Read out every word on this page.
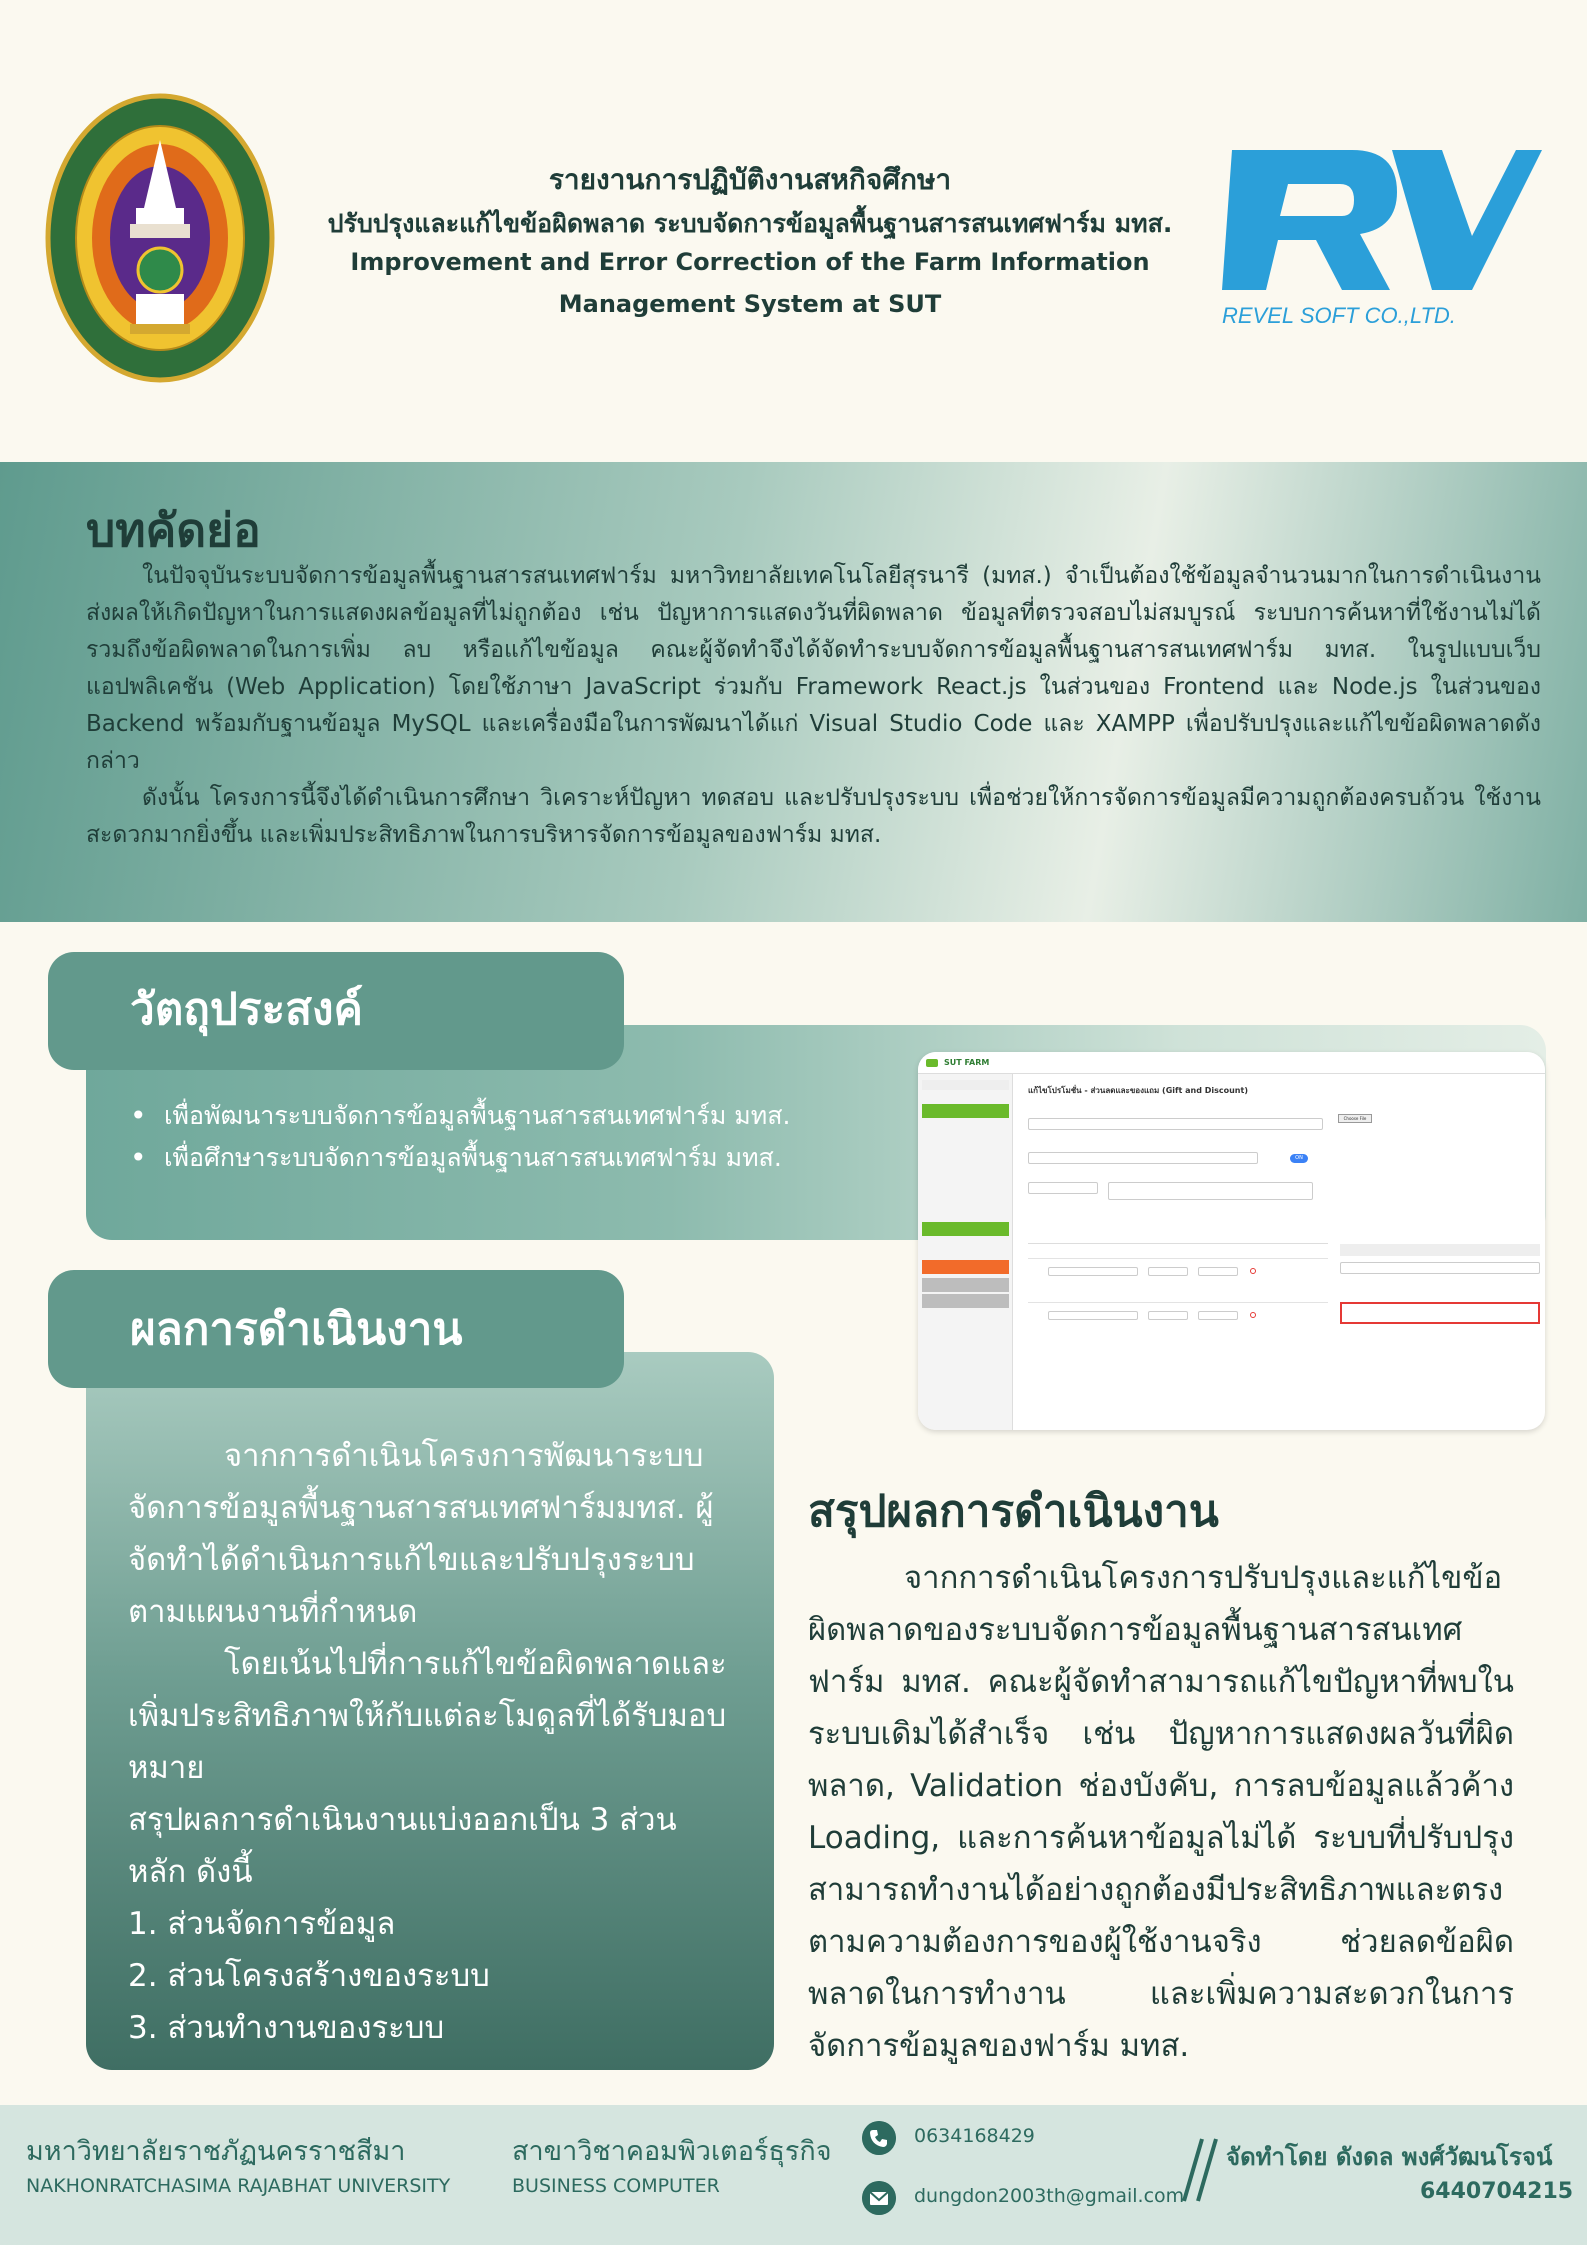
REVEL SOFT CO.,LTD.
รายงานการปฏิบัติงานสหกิจศึกษา
ปรับปรุงและแก้ไขข้อผิดพลาด ระบบจัดการข้อมูลพื้นฐานสารสนเทศฟาร์ม มทส.
Improvement and Error Correction of the Farm Information
Management System at SUT
บทคัดย่อ

ในปัจจุบันระบบจัดการข้อมูลพื้นฐานสารสนเทศฟาร์ม มหาวิทยาลัยเทคโนโลยีสุรนารี (มทส.) จำเป็นต้องใช้ข้อมูลจำนวนมากในการดำเนินงาน ส่งผลให้เกิดปัญหาในการแสดงผลข้อมูลที่ไม่ถูกต้อง เช่น ปัญหาการแสดงวันที่ผิดพลาด ข้อมูลที่ตรวจสอบไม่สมบูรณ์ ระบบการค้นหาที่ใช้งานไม่ได้ รวมถึงข้อผิดพลาดในการเพิ่ม ลบ หรือแก้ไขข้อมูล คณะผู้จัดทำจึงได้จัดทำระบบจัดการข้อมูลพื้นฐานสารสนเทศฟาร์ม มทส. ในรูปแบบเว็บแอปพลิเคชัน (Web Application) โดยใช้ภาษา JavaScript ร่วมกับ Framework React.js ในส่วนของ Frontend และ Node.js ในส่วนของ Backend พร้อมกับฐานข้อมูล MySQL และเครื่องมือในการพัฒนาได้แก่ Visual Studio Code และ XAMPP เพื่อปรับปรุงและแก้ไขข้อผิดพลาดดังกล่าว

ดังนั้น โครงการนี้จึงได้ดำเนินการศึกษา วิเคราะห์ปัญหา ทดสอบ และปรับปรุงระบบ เพื่อช่วยให้การจัดการข้อมูลมีความถูกต้องครบถ้วน ใช้งานสะดวกมากยิ่งขึ้น และเพิ่มประสิทธิภาพในการบริหารจัดการข้อมูลของฟาร์ม มทส.

วัตถุประสงค์
• เพื่อพัฒนาระบบจัดการข้อมูลพื้นฐานสารสนเทศฟาร์ม มทส.
• เพื่อศึกษาระบบจัดการข้อมูลพื้นฐานสารสนเทศฟาร์ม มทส.
SUT FARM
แก้ไขโปรโมชั่น - ส่วนลดและของแถม (Gift and Discount)
ON
Choose File
ผลการดำเนินงาน

จากการดำเนินโครงการพัฒนาระบบจัดการข้อมูลพื้นฐานสารสนเทศฟาร์มมทส. ผู้จัดทำได้ดำเนินการแก้ไขและปรับปรุงระบบตามแผนงานที่กำหนด

โดยเน้นไปที่การแก้ไขข้อผิดพลาดและเพิ่มประสิทธิภาพให้กับแต่ละโมดูลที่ได้รับมอบหมาย

สรุปผลการดำเนินงานแบ่งออกเป็น 3 ส่วนหลัก ดังนี้

1. ส่วนจัดการข้อมูล

2. ส่วนโครงสร้างของระบบ

3. ส่วนทำงานของระบบ

สรุปผลการดำเนินงาน

จากการดำเนินโครงการปรับปรุงและแก้ไขข้อผิดพลาดของระบบจัดการข้อมูลพื้นฐานสารสนเทศฟาร์ม มทส. คณะผู้จัดทำสามารถแก้ไขปัญหาที่พบในระบบเดิมได้สำเร็จ เช่น ปัญหาการแสดงผลวันที่ผิดพลาด, Validation ช่องบังคับ, การลบข้อมูลแล้วค้าง Loading, และการค้นหาข้อมูลไม่ได้ ระบบที่ปรับปรุงสามารถทำงานได้อย่างถูกต้องมีประสิทธิภาพและตรงตามความต้องการของผู้ใช้งานจริง ช่วยลดข้อผิดพลาดในการทำงาน และเพิ่มความสะดวกในการจัดการข้อมูลของฟาร์ม มทส.

มหาวิทยาลัยราชภัฏนครราชสีมา
NAKHONRATCHASIMA RAJABHAT UNIVERSITY
สาขาวิชาคอมพิวเตอร์ธุรกิจ
BUSINESS COMPUTER
0634168429
dungdon2003th@gmail.com
จัดทำโดย ดังดล พงศ์วัฒนโรจน์
6440704215
